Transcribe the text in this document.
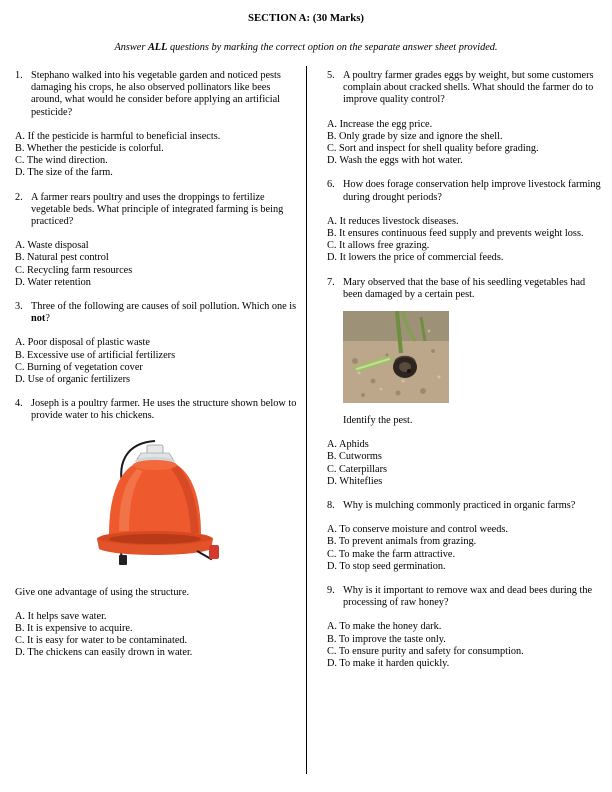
SECTION A: (30 Marks)
Answer ALL questions by marking the correct option on the separate answer sheet provided.

1. Stephano walked into his vegetable garden and noticed pests damaging his crops, he also observed pollinators like bees around, what would he consider before applying an artificial pesticide?

A. If the pesticide is harmful to beneficial insects.
B. Whether the pesticide is colorful.
C. The wind direction.
D. The size of the farm.

2. A farmer rears poultry and uses the droppings to fertilize vegetable beds. What principle of integrated farming is being practiced?

A. Waste disposal
B. Natural pest control
C. Recycling farm resources
D. Water retention

3. Three of the following are causes of soil pollution. Which one is not?

A. Poor disposal of plastic waste
B. Excessive use of artificial fertilizers
C. Burning of vegetation cover
D. Use of organic fertilizers

4. Joseph is a poultry farmer. He uses the structure shown below to provide water to his chickens.

Give one advantage of using the structure.

A. It helps save water.
B. It is expensive to acquire.
C. It is easy for water to be contaminated.
D. The chickens can easily drown in water.

5. A poultry farmer grades eggs by weight, but some customers complain about cracked shells. What should the farmer do to improve quality control?

A. Increase the egg price.
B. Only grade by size and ignore the shell.
C. Sort and inspect for shell quality before grading.
D. Wash the eggs with hot water.

6. How does forage conservation help improve livestock farming during drought periods?

A. It reduces livestock diseases.
B. It ensures continuous feed supply and prevents weight loss.
C. It allows free grazing.
D. It lowers the price of commercial feeds.

7. Mary observed that the base of his seedling vegetables had been damaged by a certain pest.

Identify the pest.

A. Aphids
B. Cutworms
C. Caterpillars
D. Whiteflies

8. Why is mulching commonly practiced in organic farms?

A. To conserve moisture and control weeds.
B. To prevent animals from grazing.
C. To make the farm attractive.
D. To stop seed germination.

9. Why is it important to remove wax and dead bees during the processing of raw honey?

A. To make the honey dark.
B. To improve the taste only.
C. To ensure purity and safety for consumption.
D. To make it harden quickly.
